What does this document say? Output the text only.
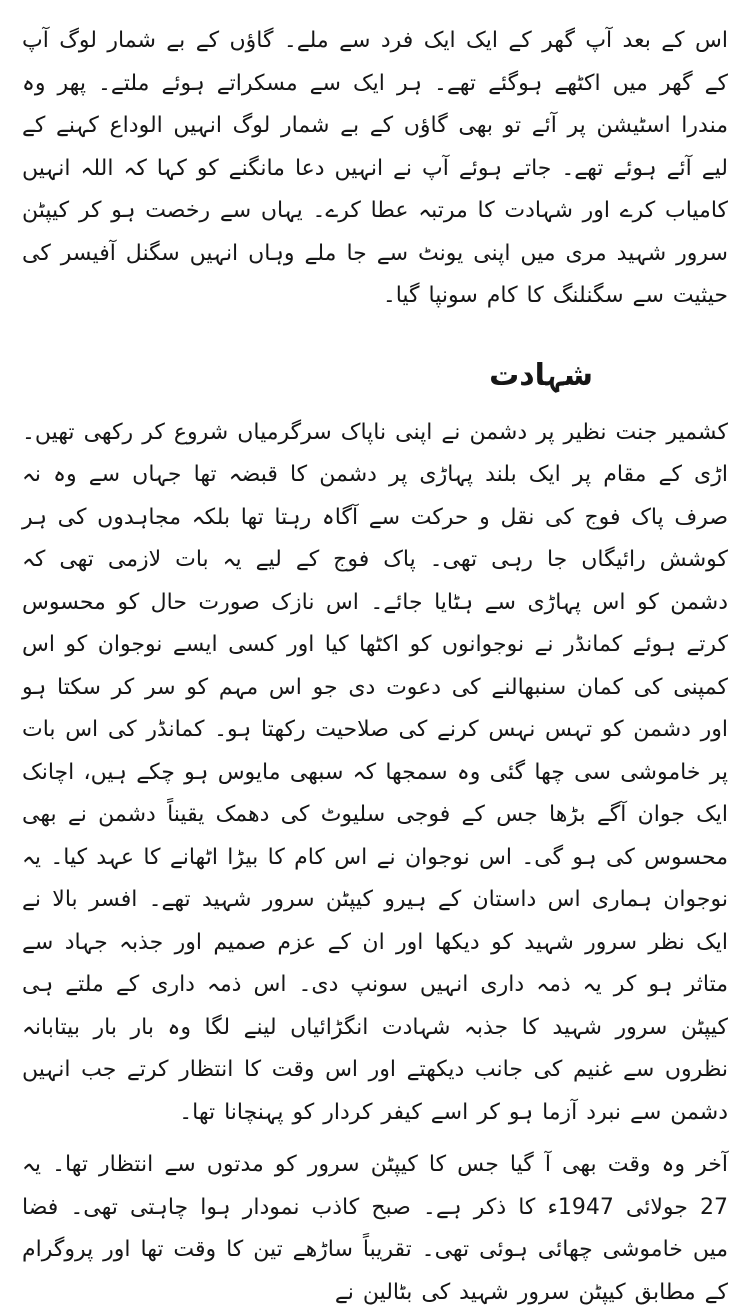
اس کے بعد آپ گھر کے ایک ایک فرد سے ملے۔ گاؤں کے بے شمار لوگ آپ کے گھر میں اکٹھے ہوگئے تھے۔ ہر ایک سے مسکراتے ہوئے ملتے۔ پھر وہ مندرا اسٹیشن پر آئے تو بھی گاؤں کے بے شمار لوگ انہیں الوداع کہنے کے لیے آئے ہوئے تھے۔ جاتے ہوئے آپ نے انہیں دعا مانگنے کو کہا کہ اللہ انہیں کامیاب کرے اور شہادت کا مرتبہ عطا کرے۔ یہاں سے رخصت ہو کر کیپٹن سرور شہید مری میں اپنی یونٹ سے جا ملے وہاں انہیں سگنل آفیسر کی حیثیت سے سگنلنگ کا کام سونپا گیا۔

شہادت

کشمیر جنت نظیر پر دشمن نے اپنی ناپاک سرگرمیاں شروع کر رکھی تھیں۔ اڑی کے مقام پر ایک بلند پہاڑی پر دشمن کا قبضہ تھا جہاں سے وہ نہ صرف پاک فوج کی نقل و حرکت سے آگاہ رہتا تھا بلکہ مجاہدوں کی ہر کوشش رائیگاں جا رہی تھی۔ پاک فوج کے لیے یہ بات لازمی تھی کہ دشمن کو اس پہاڑی سے ہٹایا جائے۔ اس نازک صورت حال کو محسوس کرتے ہوئے کمانڈر نے نوجوانوں کو اکٹھا کیا اور کسی ایسے نوجوان کو اس کمپنی کی کمان سنبھالنے کی دعوت دی جو اس مہم کو سر کر سکتا ہو اور دشمن کو تہس نہس کرنے کی صلاحیت رکھتا ہو۔ کمانڈر کی اس بات پر خاموشی سی چھا گئی وہ سمجھا کہ سبھی مایوس ہو چکے ہیں، اچانک ایک جوان آگے بڑھا جس کے فوجی سلیوٹ کی دھمک یقیناً دشمن نے بھی محسوس کی ہو گی۔ اس نوجوان نے اس کام کا بیڑا اٹھانے کا عہد کیا۔ یہ نوجوان ہماری اس داستان کے ہیرو کیپٹن سرور شہید تھے۔ افسر بالا نے ایک نظر سرور شہید کو دیکھا اور ان کے عزم صمیم اور جذبہ جہاد سے متاثر ہو کر یہ ذمہ داری انہیں سونپ دی۔ اس ذمہ داری کے ملتے ہی کیپٹن سرور شہید کا جذبہ شہادت انگڑائیاں لینے لگا وہ بار بار بیتابانہ نظروں سے غنیم کی جانب دیکھتے اور اس وقت کا انتظار کرتے جب انہیں دشمن سے نبرد آزما ہو کر اسے کیفر کردار کو پہنچانا تھا۔

آخر وہ وقت بھی آ گیا جس کا کیپٹن سرور کو مدتوں سے انتظار تھا۔ یہ 27 جولائی 1947ء کا ذکر ہے۔ صبح کاذب نمودار ہوا چاہتی تھی۔ فضا میں خاموشی چھائی ہوئی تھی۔ تقریباً ساڑھے تین کا وقت تھا اور پروگرام کے مطابق کیپٹن سرور شہید کی بٹالین نے
